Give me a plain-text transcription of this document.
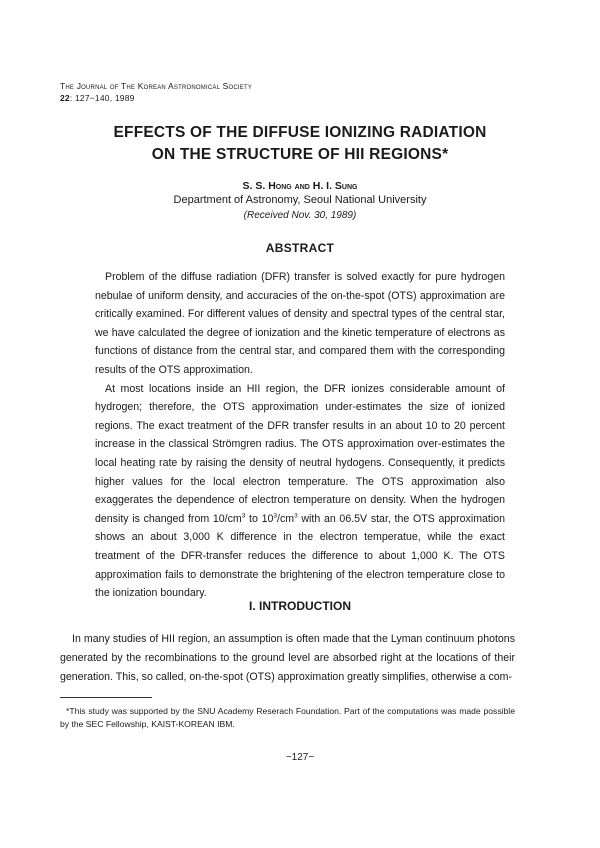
The Journal of The Korean Astronomical Society
22: 127−140, 1989
EFFECTS OF THE DIFFUSE IONIZING RADIATION
ON THE STRUCTURE OF HII REGIONS*
S. S. Hong and H. I. Sung
Department of Astronomy, Seoul National University
(Received Nov. 30, 1989)
ABSTRACT

Problem of the diffuse radiation (DFR) transfer is solved exactly for pure hydrogen nebulae of uniform density, and accuracies of the on-the-spot (OTS) approximation are critically examined. For different values of density and spectral types of the central star, we have calculated the degree of ionization and the kinetic temperature of electrons as functions of distance from the central star, and compared them with the corresponding results of the OTS approximation.

At most locations inside an HII region, the DFR ionizes considerable amount of hydrogen; therefore, the OTS approximation under-estimates the size of ionized regions. The exact treatment of the DFR transfer results in an about 10 to 20 percent increase in the classical Strömgren radius. The OTS approximation over-estimates the local heating rate by raising the density of neutral hydogens. Consequently, it predicts higher values for the local electron temperature. The OTS approximation also exaggerates the dependence of electron temperature on density. When the hydrogen density is changed from $10/cm^3$ to $10^3/cm^3$ with an 06.5V star, the OTS approximation shows an about 3,000 K difference in the electron temperatue, while the exact treatment of the DFR-transfer reduces the difference to about 1,000 K. The OTS approximation fails to demonstrate the brightening of the electron temperature close to the ionization boundary.

I. INTRODUCTION

In many studies of HII region, an assumption is often made that the Lyman continuum photons generated by the recombinations to the ground level are absorbed right at the locations of their generation. This, so called, on-the-spot (OTS) approximation greatly simplifies, otherwise a com-

*This study was supported by the SNU Academy Reserach Foundation. Part of the computations was made possible by the SEC Fellowship, KAIST-KOREAN IBM.

−127−
